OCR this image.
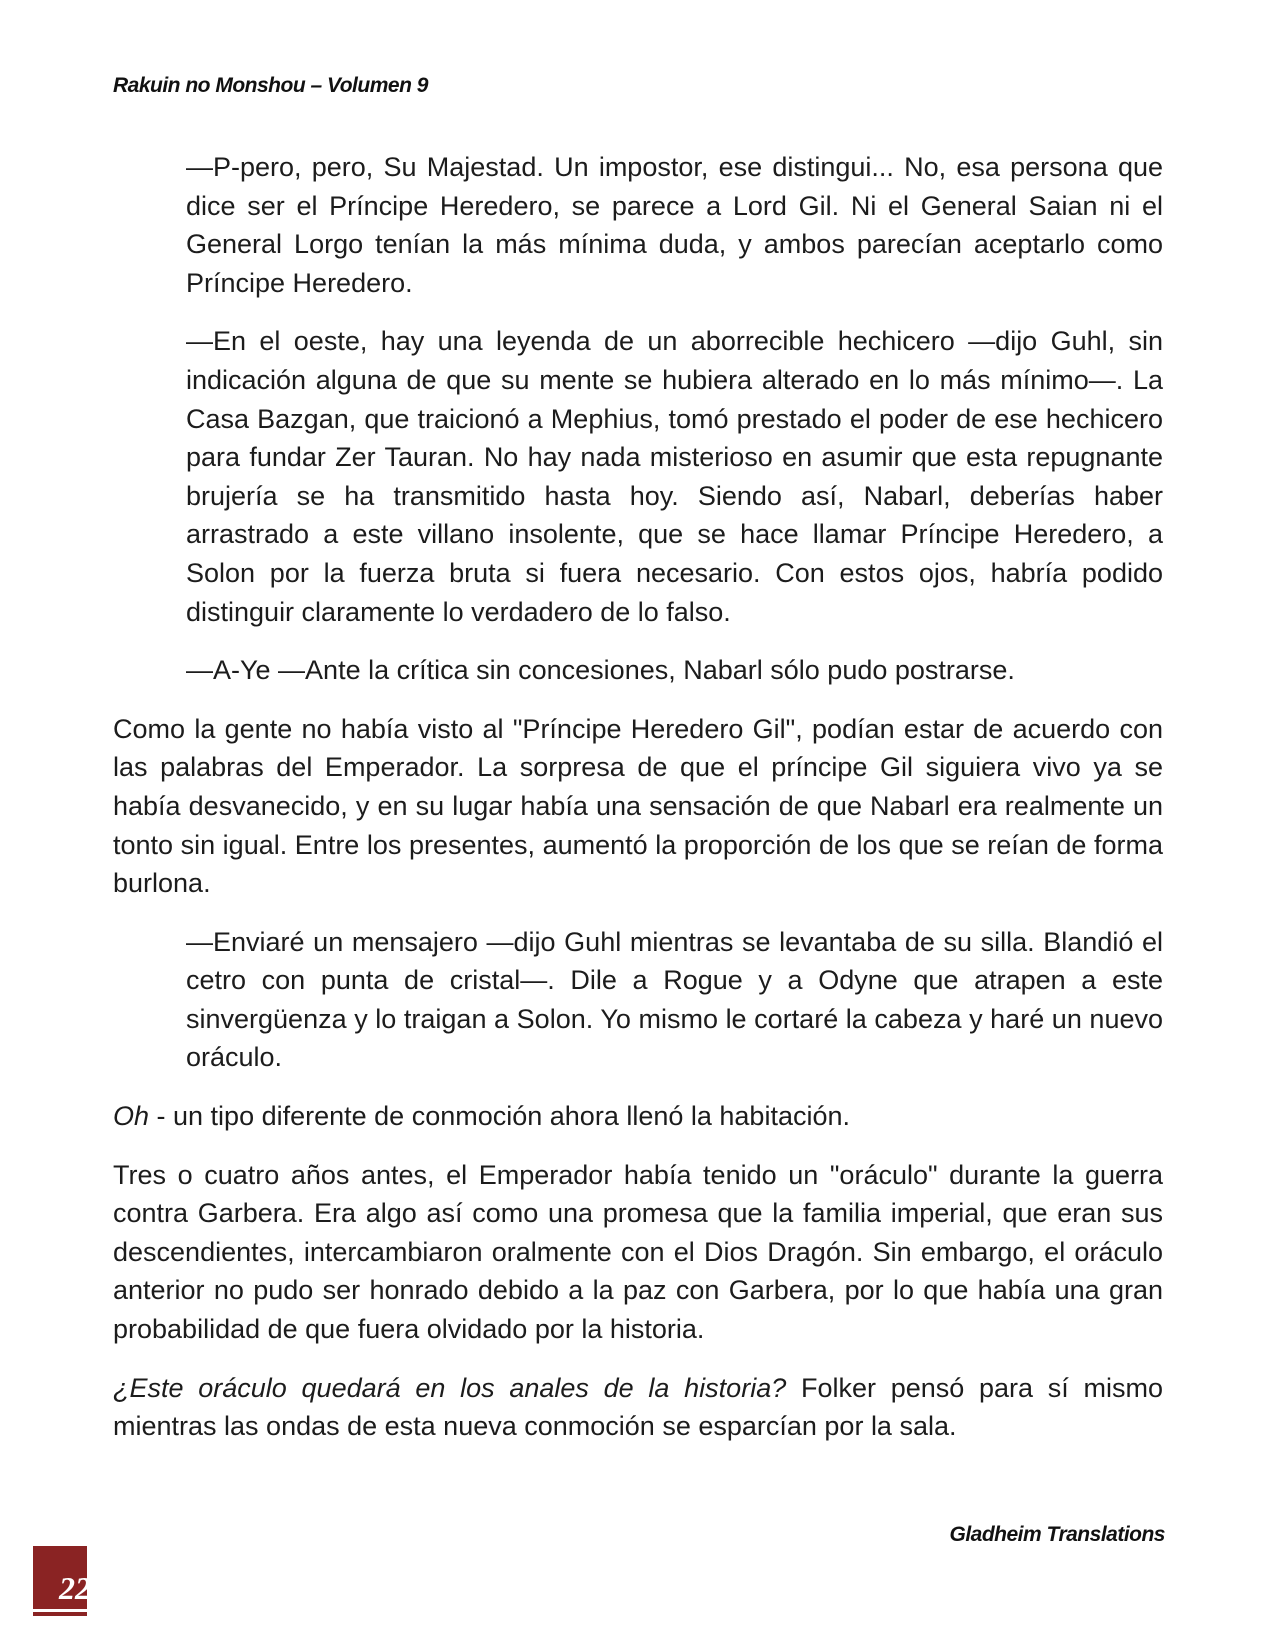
Rakuin no Monshou – Volumen 9

—P-pero, pero, Su Majestad. Un impostor, ese distingui... No, esa persona que dice ser el Príncipe Heredero, se parece a Lord Gil. Ni el General Saian ni el General Lorgo tenían la más mínima duda, y ambos parecían aceptarlo como Príncipe Heredero.

—En el oeste, hay una leyenda de un aborrecible hechicero —dijo Guhl, sin indicación alguna de que su mente se hubiera alterado en lo más mínimo—. La Casa Bazgan, que traicionó a Mephius, tomó prestado el poder de ese hechicero para fundar Zer Tauran. No hay nada misterioso en asumir que esta repugnante brujería se ha transmitido hasta hoy. Siendo así, Nabarl, deberías haber arrastrado a este villano insolente, que se hace llamar Príncipe Heredero, a Solon por la fuerza bruta si fuera necesario. Con estos ojos, habría podido distinguir claramente lo verdadero de lo falso.

—A-Ye —Ante la crítica sin concesiones, Nabarl sólo pudo postrarse.

Como la gente no había visto al "Príncipe Heredero Gil", podían estar de acuerdo con las palabras del Emperador. La sorpresa de que el príncipe Gil siguiera vivo ya se había desvanecido, y en su lugar había una sensación de que Nabarl era realmente un tonto sin igual. Entre los presentes, aumentó la proporción de los que se reían de forma burlona.

—Enviaré un mensajero —dijo Guhl mientras se levantaba de su silla. Blandió el cetro con punta de cristal—. Dile a Rogue y a Odyne que atrapen a este sinvergüenza y lo traigan a Solon. Yo mismo le cortaré la cabeza y haré un nuevo oráculo.

Oh - un tipo diferente de conmoción ahora llenó la habitación.

Tres o cuatro años antes, el Emperador había tenido un "oráculo" durante la guerra contra Garbera. Era algo así como una promesa que la familia imperial, que eran sus descendientes, intercambiaron oralmente con el Dios Dragón. Sin embargo, el oráculo anterior no pudo ser honrado debido a la paz con Garbera, por lo que había una gran probabilidad de que fuera olvidado por la historia.

¿Este oráculo quedará en los anales de la historia? Folker pensó para sí mismo mientras las ondas de esta nueva conmoción se esparcían por la sala.

Gladheim Translations
22
